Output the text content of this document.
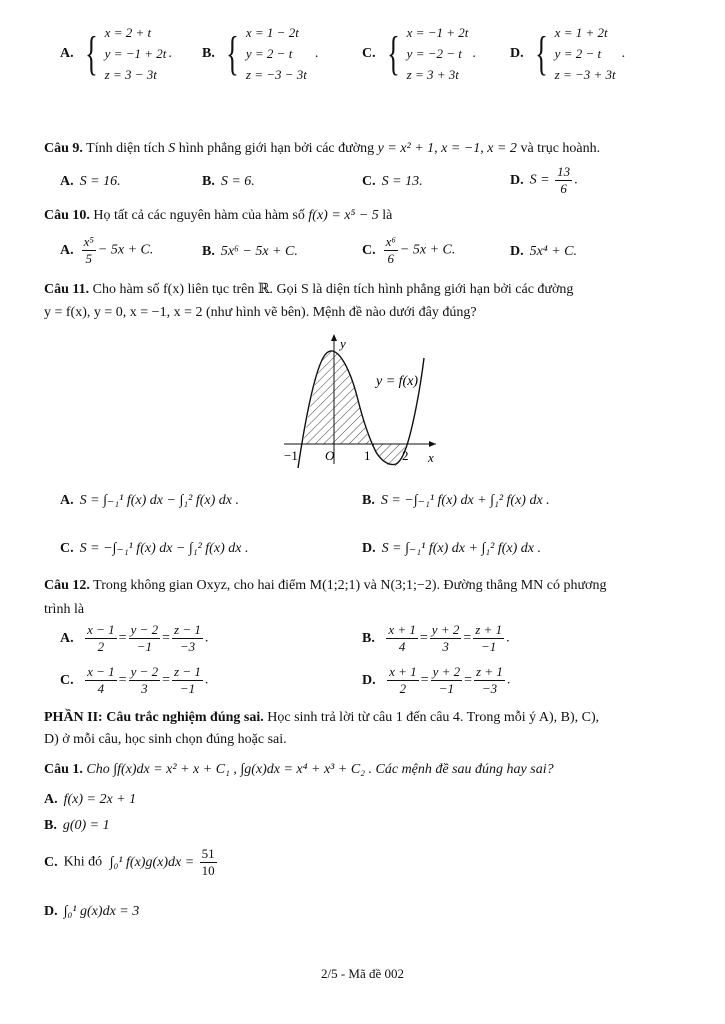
A. { x = 2 + t
y = −1 + 2t
z = 3 − 3t
. B. { x = 1 − 2t
y = 2 − t
z = −3 − 3t
.	C. { x = −1 + 2t
y = −2 − t
z = 3 + 3t
. D. { x = 1 + 2t
y = 2 − t
z = −3 + 3t
.
Câu 9. Tính diện tích S hình phẳng giới hạn bởi các đường y = x² + 1, x = −1, x = 2 và trục hoành.
A. S = 16.	B. S = 6.	C. S = 13.	D. $S = \frac{13}{6}$ .
Câu 10. Họ tất cả các nguyên hàm của hàm số f(x) = x⁵ − 5 là
A. $\frac{\text{x⁵}}{5} - 5x + C$.	B. 5x⁶ − 5x + C.	C. $\frac{\text{x⁶}}{6} - 5x + C$.	D. 5x⁴ + C.
Câu 11. Cho hàm số f(x) liên tục trên ℝ. Gọi S là diện tích hình phẳng giới hạn bởi các đường
y = f(x), y = 0, x = −1, x = 2 (như hình vẽ bên). Mệnh đề nào dưới đây đúng?
y
x
y = f(x)
O
−1	1 2
A. S = ∫₋₁¹ f(x) dx − ∫₁² f(x) dx .	B. S = −∫₋₁¹ f(x) dx + ∫₁² f(x) dx .
C. S = −∫₋₁¹ f(x) dx − ∫₁² f(x) dx .	D. S = ∫₋₁¹ f(x) dx + ∫₁² f(x) dx .
Câu 12. Trong không gian Oxyz, cho hai điểm M(1;2;1) và N(3;1;−2). Đường thẳng MN có phương
trình là
A. $\frac{x - 1}{2} = \frac{y - 2}{-1} = \frac{z - 1}{-3}$ .	B. $\frac{x + 1}{4} = \frac{y + 2}{3} = \frac{z + 1}{-1}$ .
C. $\frac{x - 1}{4} = \frac{y - 2}{3} = \frac{z - 1}{-1}$ .	D. $\frac{x + 1}{2} = \frac{y + 2}{-1} = \frac{z + 1}{-3}$ .
PHẦN II: Câu trắc nghiệm đúng sai. Học sinh trả lời từ câu 1 đến câu 4. Trong mỗi ý A), B), C),
D) ở mỗi câu, học sinh chọn đúng hoặc sai.
Câu 1. Cho ∫f(x)dx = x² + x + C₁ , ∫g(x)dx = x⁴ + x³ + C₂ . Các mệnh đề sau đúng hay sai?
A. f(x) = 2x + 1
B. g(0) = 1
C. Khi đó ∫₀¹ $f(x)g(x)dx = \frac{51}{10}$
D. ∫₀¹ g(x)dx = 3
2/5 - Mã đề 002
